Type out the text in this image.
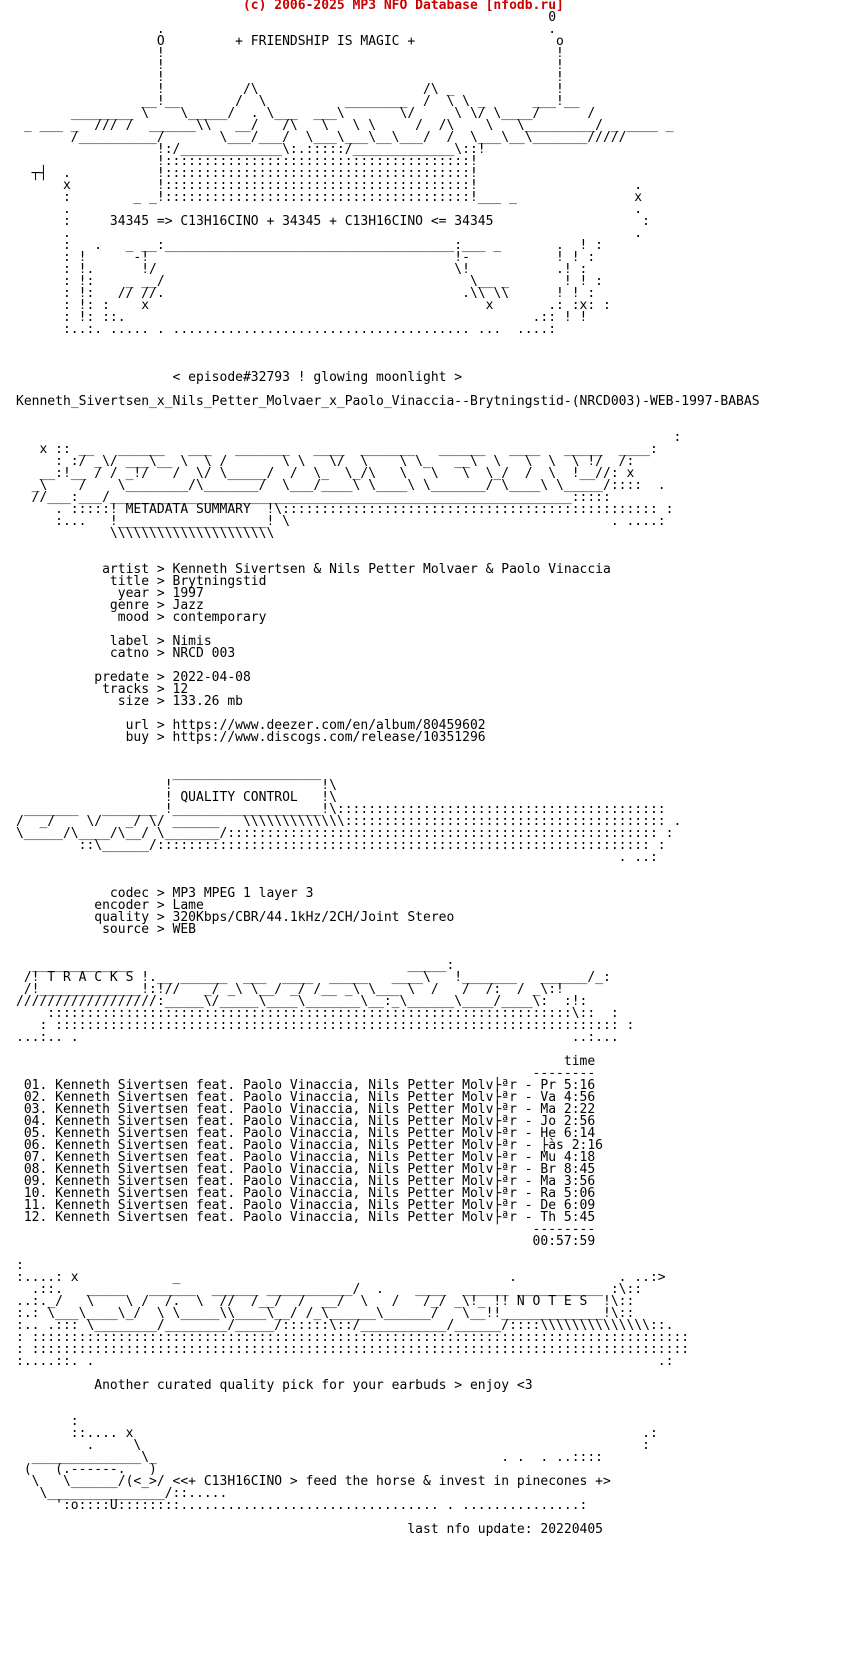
(c) 2006-2025 MP3 NFO Database [nfodb.ru]
0
.                                                 .
O         + FRIENDSHIP IS MAGIC +                  o
!                                                  !
!                                                  !
!                                                  !
!          /\                     /\ _             !
__!__       /  \          ________  /  \ \ _      ___!__
________ \    \_____/  . \___  ___\       \/     \ \/ \____/      /
_ ___ _  /// /  ______\\   __/   /\   \   \ \     /  /\    \   \_________/ _ ____ _
/__________/       \___/___/  \___\___\__\___/  /  \___\__\_______/////
!:/_____________\:.:::::/_____________\::!
!:::::::::::::::::::::::::::::::::::::::!
┬┤  .           !:::::::::::::::::::::::::::::::::::::::!
x           !:::::::::::::::::::::::::::::::::::::::!                    .
:        _ _!:::::::::::::::::::::::::::::::::::::::!___ _               x
.                                                                        .
:     34345 => C13H16CINO + 34345 + C13H16CINO <= 34345                   :
.                                                                        .
:   .   _ __:_____________________________________:___ _       .  ! :
: !      -!                                       !-           ! ! :
: !.      !/                                      \!           .! :
: !:    _ __/                                       \__ _       ! ! :
: !:   // //.                                      .\\ \\      ! ! :
: !: :    x                                           x       .: :x: :
: !: ::.                                                    .:: ! !
:..:. ..... . ...................................... ...  ....:

< episode#32793 ! glowing moonlight >

Kenneth_Sivertsen_x_Nils_Petter_Molvaer_x_Paolo_Vinaccia--Brytningstid-(NRCD003)-WEB-1997-BABAS

:
x :: __   ______   ___   _______   ____  _______   ______   ____   _____  ____:
: :/ _\/ ___\__ \  \ /       \ \   \/  \    \ \_   __\  \   \  \  \ !/  /:
__:!__ / / _!/   /  \/ \_____/  /  \_  \_/\   \   \   \  \_/  /  \  !__//: x
_\    /    \________/\_______/  \___/____\ \____\ \_______/ \____\ \_____/::::  .
//___:___/___________________________________________________________:::::
. :::::! METADATA SUMMARY  !\:::::::::::::::::::::::::::::::::::::::::::::::: :
:...   !___________________! \                                         . ....:
\\\\\\\\\\\\\\\\\\\\\

artist > Kenneth Sivertsen & Nils Petter Molvaer & Paolo Vinaccia
title > Brytningstid
year > 1997
genre > Jazz
mood > contemporary

label > Nimis
catno > NRCD 003

predate > 2022-04-08
tracks > 12
size > 133.26 mb

url > https://www.deezer.com/en/album/80459602
buy > https://www.discogs.com/release/10351296

___________________
!                   !\
! QUALITY CONTROL   !\
_______   _______ !___________________!\::::::::::::::::::::::::::::::::::::::::::
/  _/    \/   _/ \/ ______   \\\\\\\\\\\\\::::::::::::::::::::::::::::::::::::::::: .
\_____/\____/\__/ \_______/::::::::::::::::::::::::::::::::::::::::::::::::::::::: :
::\______/::::::::::::::::::::::::::::::::::::::::::::::::::::::::::::::: :
. ..:

codec > MP3 MPEG 1 layer 3
encoder > Lame
quality > 320Kbps/CBR/44.1kHz/2CH/Joint Stereo
source > WEB

_____________                                   _____:
/! T R A C K S !.__ ______  ___  ____  _____   ____\   !_______   ______/_:
/!_____________!:!//   _/ _\ \__/ _/ /__ _\ \___ \  /   /  /:  / _\:!
//////////////////:_____\/_____\____\_______\__:_\______\____/____\:  :!:
:::::::::::::::::::::::::::::::::::::::::::::::::::::::::::::::::::\::  :
: :::::::::::::::::::::::::::::::::::::::::::::::::::::::::::::::::::::::: :
...:.. .                                                               ..:...

time
--------
01. Kenneth Sivertsen feat. Paolo Vinaccia, Nils Petter Molv├ªr - Pr 5:16
02. Kenneth Sivertsen feat. Paolo Vinaccia, Nils Petter Molv├ªr - Va 4:56
03. Kenneth Sivertsen feat. Paolo Vinaccia, Nils Petter Molv├ªr - Ma 2:22
04. Kenneth Sivertsen feat. Paolo Vinaccia, Nils Petter Molv├ªr - Jo 2:56
05. Kenneth Sivertsen feat. Paolo Vinaccia, Nils Petter Molv├ªr - He 6:14
06. Kenneth Sivertsen feat. Paolo Vinaccia, Nils Petter Molv├ªr - ├às 2:16
07. Kenneth Sivertsen feat. Paolo Vinaccia, Nils Petter Molv├ªr - Mu 4:18
08. Kenneth Sivertsen feat. Paolo Vinaccia, Nils Petter Molv├ªr - Br 8:45
09. Kenneth Sivertsen feat. Paolo Vinaccia, Nils Petter Molv├ªr - Ma 3:56
10. Kenneth Sivertsen feat. Paolo Vinaccia, Nils Petter Molv├ªr - Ra 5:06
11. Kenneth Sivertsen feat. Paolo Vinaccia, Nils Petter Molv├ªr - De 6:09
12. Kenneth Sivertsen feat. Paolo Vinaccia, Nils Petter Molv├ªr - Th 5:45
--------
00:57:59

:
:....: x            _                                          .             . ..:>
.::.   _____   ______  ______ ___________/  .    ____  ______ ___________ :\::
..:._/   \    \ /  /.  \  //  /__/  /  __/  \   /   /_/ _\!_ !! N O T E S  !\::
:.: \___\____\_/  \ \_____\\____\__/ /_\______\______/   \__!!_____________!\::
:.. .::: \________/________/_____/::::::\::/___________/______/::::\\\\\\\\\\\\\\::.
: ::::::::::::::::::::::::::::::::::::::::::::::::::::::::::::::::::::::::::::::::::::
: ::::::::::::::::::::::::::::::::::::::::::::::::::::::::::::::::::::::::::::::::::::
:....::. .                                                                        .:

Another curated quality pick for your earbuds > enjoy <3

:
::.... x                                                                 .:
.     \                                                                :
______________\_                                            . .  . ..::::
(   (.------.   )
\   \______/(<_>/ <<+ C13H16CINO > feed the horse & invest in pinecones +>
\_______________/::.....
':o::::U::::::::................................. . ...............:

last nfo update: 20220405
